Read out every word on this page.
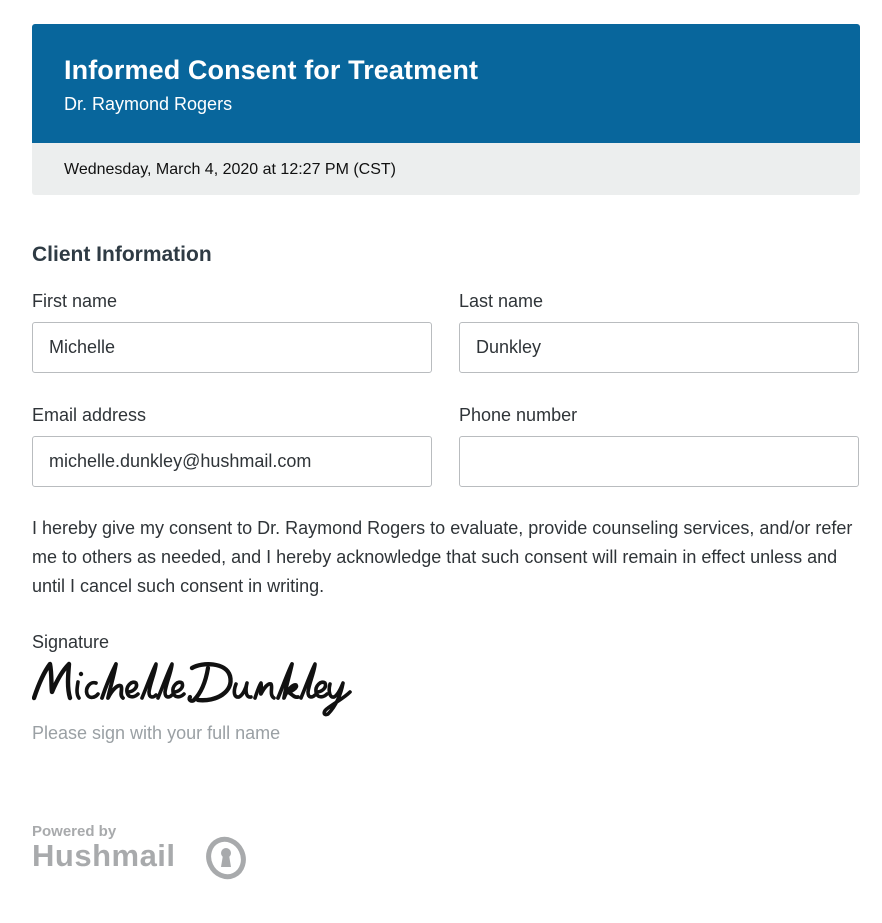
Informed Consent for Treatment
Dr. Raymond Rogers
Wednesday, March 4, 2020 at 12:27 PM (CST)
Client Information
First name
Michelle	Last name
Dunkley
Email address
michelle.dunkley@hushmail.com	Phone number
I hereby give my consent to Dr. Raymond Rogers to evaluate, provide counseling services, and/or refer me to others as needed, and I hereby acknowledge that such consent will remain in effect unless and until I cancel such consent in writing.
Signature
Please sign with your full name
Powered by
Hushmail
